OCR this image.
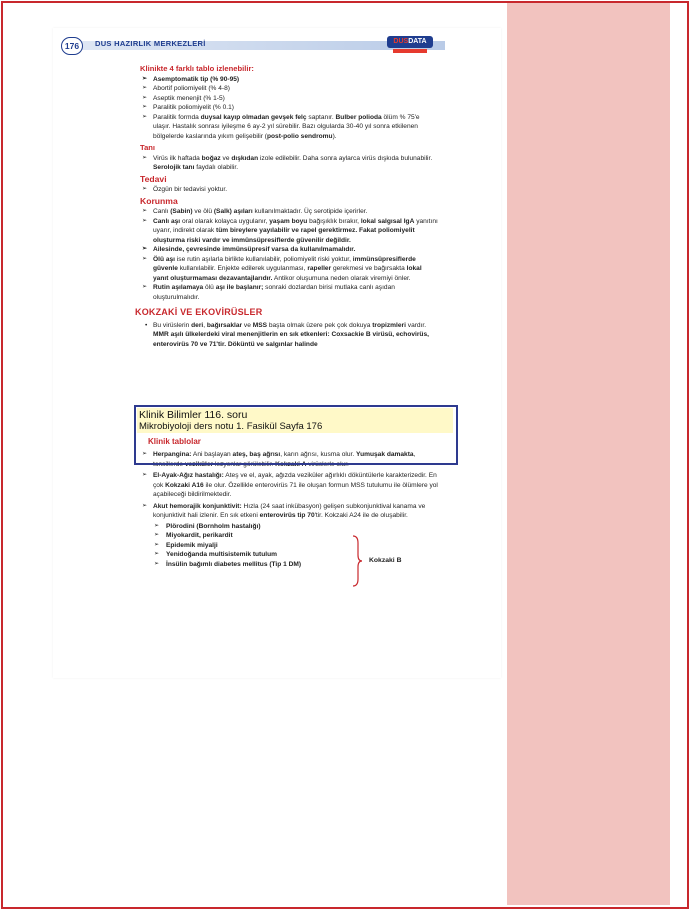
176	DUS HAZIRLIK MERKEZLERİ	DUSDATA
Klinikte 4 farklı tablo izlenebilir:
➢ Asemptomatik tip (% 90-95)
➢ Abortif poliomiyelit (% 4-8)
➢ Aseptik menenjit (% 1-5)
➢ Paralitik poliomiyelit (% 0.1)
➢ Paralitik formda duysal kayıp olmadan gevşek felç saptanır. Bulber polioda ölüm % 75'e ulaşır. Hastalık sonrası iyileşme 6 ay-2 yıl sürebilir. Bazı olgularda 30-40 yıl sonra etkilenen bölgelerde kaslarında yıkım gelişebilir (post-polio sendromu).
Tanı
➢ Virüs ilk haftada boğaz ve dışkıdan izole edilebilir. Daha sonra aylarca virüs dışkıda bulunabilir. Serolojik tanı faydalı olabilir.
Tedavi
➢ Özgün bir tedavisi yoktur.
Korunma
➢ Canlı (Sabin) ve ölü (Salk) aşıları kullanılmaktadır. Üç serotipide içerirler.
➢ Canlı aşı oral olarak kolayca uygulanır, yaşam boyu bağışıklık bırakır, lokal salgısal IgA yanıtını uyarır, indirekt olarak tüm bireylere yayılabilir ve rapel gerektirmez. Fakat poliomiyelit oluşturma riski vardır ve immünsüpresiflerde güvenilir değildir.
➢ Ailesinde, çevresinde immünsüpresif varsa da kullanılmamalıdır.
➢ Ölü aşı ise rutin aşılarla birlikte kullanılabilir, poliomiyelit riski yoktur, immünsüpresiflerde güvenle kullanılabilir. Enjekte edilerek uygulanması, rapeller gerekmesi ve bağırsakta lokal yanıt oluşturmaması dezavantajlarıdır. Antikor oluşumuna neden olarak viremiyi önler.
➢ Rutin aşılamaya ölü aşı ile başlanır; sonraki dozlardan birisi mutlaka canlı aşıdan oluşturulmalıdır.
KOKZAKİ VE EKOVİRÜSLER
• Bu virüslerin deri, bağırsaklar ve MSS başta olmak üzere pek çok dokuya tropizmleri vardır. MMR aşılı ülkelerdeki viral menenjitlerin en sık etkenleri: Coxsackie B virüsü, echovirüs, enterovirüs 70 ve 71'tir. Döküntü ve salgınlar halinde
Klinik tablolar
➢ Herpangina: Ani başlayan ateş, baş ağrısı, karın ağrısı, kusma olur. Yumuşak damakta, tonsillerde veziküler lezyonlar görülebilir. Kokzaki A virüslerle olur.
➢ El-Ayak-Ağız hastalığı: Ateş ve el, ayak, ağızda veziküler ağırlıklı döküntülerle karakterizedir. En çok Kokzaki A16 ile olur. Özellikle enterovirüs 71 ile oluşan formun MSS tutulumu ile ölümlere yol açabileceği bildirilmektedir.
➢ Akut hemorajik konjunktivit: Hızla (24 saat inkübasyon) gelişen subkonjunktival kanama ve konjunktivit hali izlenir. En sık etkeni enterovirüs tip 70'tir. Kokzaki A24 ile de oluşabilir.
➢ Plörodini (Bornholm hastalığı)
➢ Miyokardit, perikardit
➢ Epidemik miyalji
➢ Yenidoğanda multisistemik tutulum
➢ İnsülin bağımlı diabetes mellitus (Tip 1 DM)	Kokzaki B
Klinik Bilimler 116. soru
Mikrobiyoloji ders notu 1. Fasikül Sayfa 176
